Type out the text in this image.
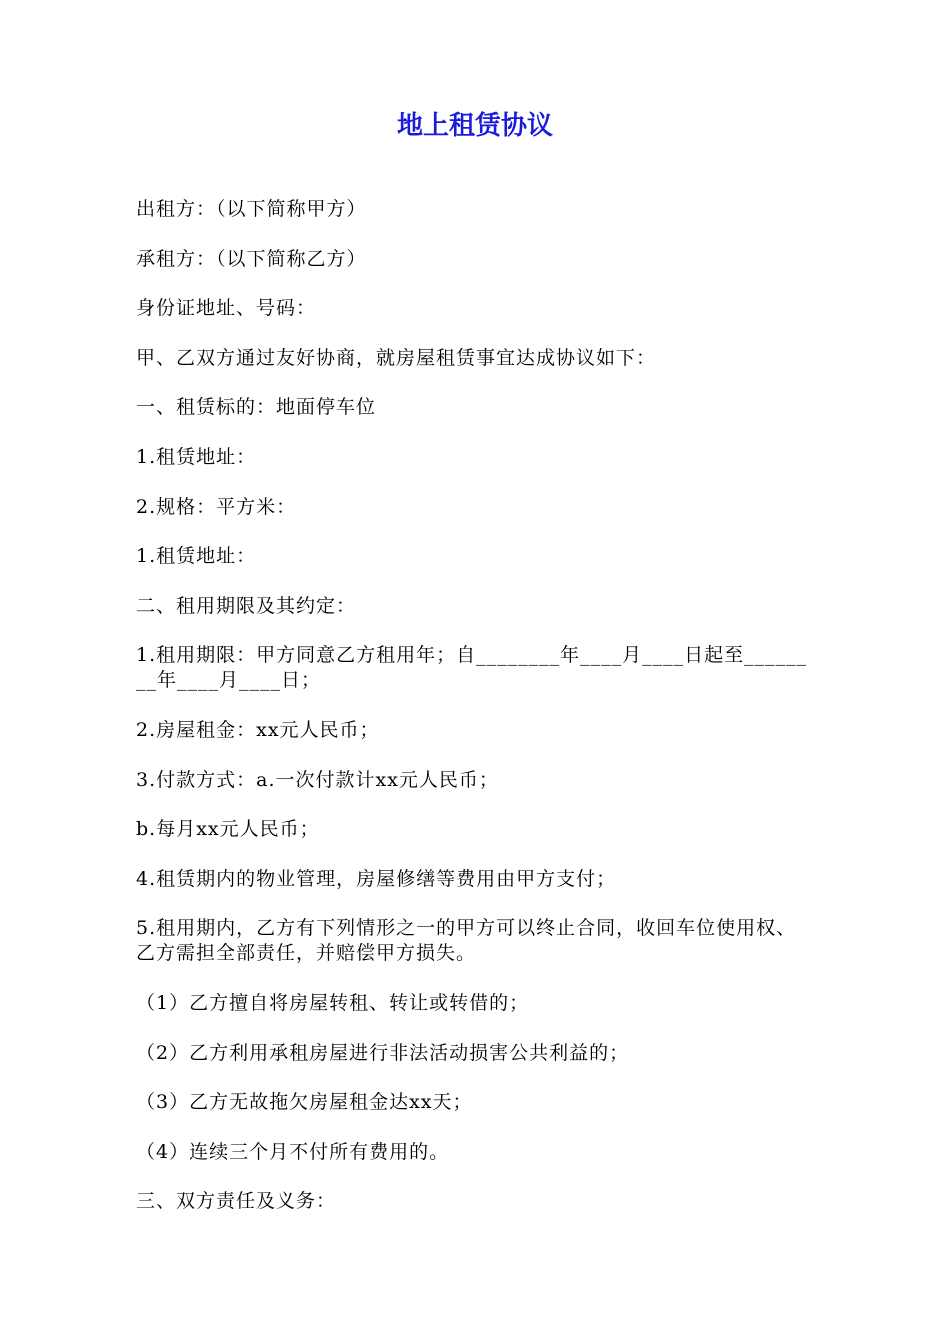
地上租赁协议

出租方：（以下简称甲方）

承租方：（以下简称乙方）

身份证地址、号码：

甲、乙双方通过友好协商，就房屋租赁事宜达成协议如下：

一、租赁标的：地面停车位

1.租赁地址：

2.规格：平方米：

1.租赁地址：

二、租用期限及其约定：

1.租用期限：甲方同意乙方租用年；自________年____月____日起至________年____月____日；

2.房屋租金：xx元人民币；

3.付款方式：a.一次付款计xx元人民币；

b.每月xx元人民币；

4.租赁期内的物业管理，房屋修缮等费用由甲方支付；

5.租用期内，乙方有下列情形之一的甲方可以终止合同，收回车位使用权、乙方需担全部责任，并赔偿甲方损失。

（1）乙方擅自将房屋转租、转让或转借的；

（2）乙方利用承租房屋进行非法活动损害公共利益的；

（3）乙方无故拖欠房屋租金达xx天；

（4）连续三个月不付所有费用的。

三、双方责任及义务：
